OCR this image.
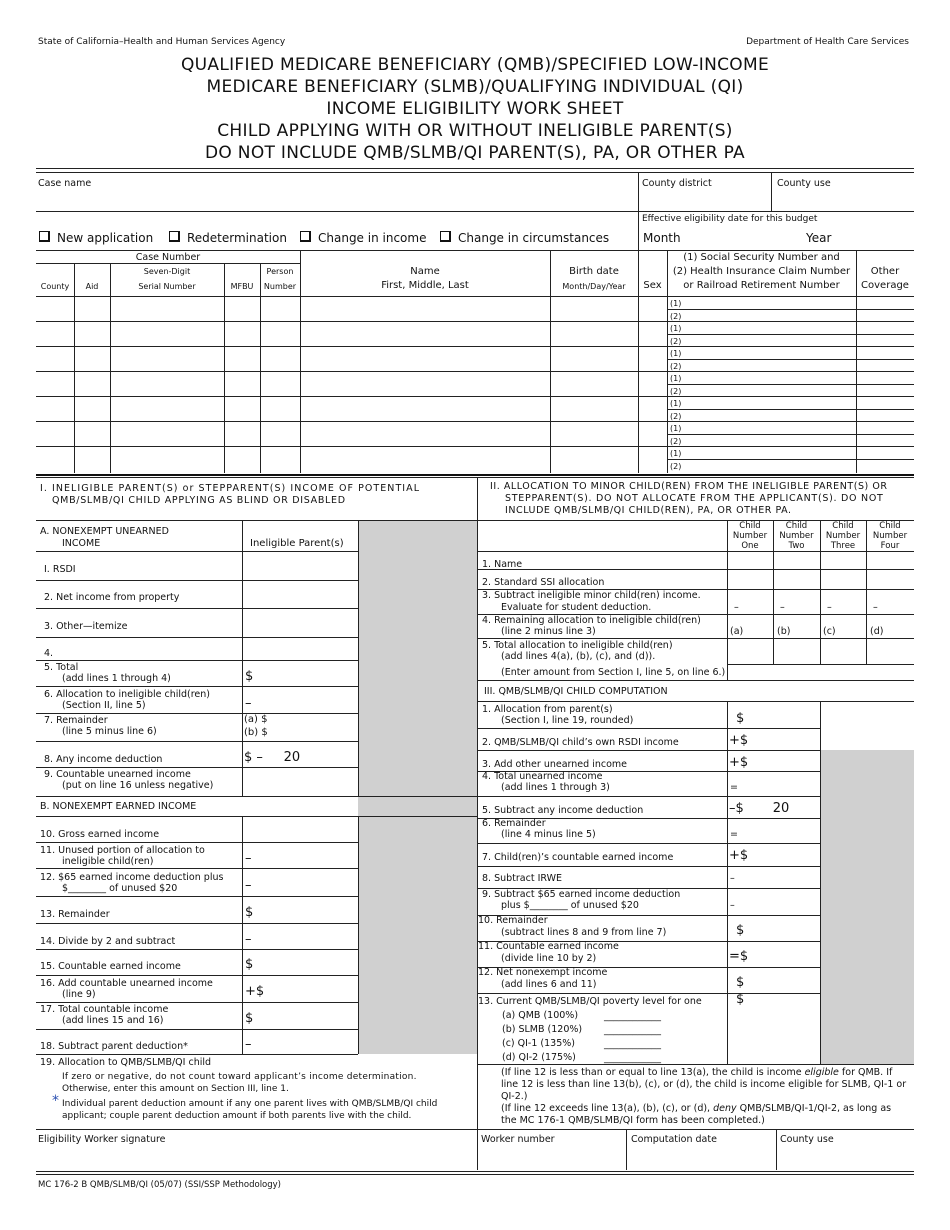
State of California–Health and Human Services Agency	Department of Health Care Services
QUALIFIED MEDICARE BENEFICIARY (QMB)/SPECIFIED LOW-INCOME
MEDICARE BENEFICIARY (SLMB)/QUALIFYING INDIVIDUAL (QI)
INCOME ELIGIBILITY WORK SHEET
CHILD APPLYING WITH OR WITHOUT INELIGIBLE PARENT(S)
DO NOT INCLUDE QMB/SLMB/QI PARENT(S), PA, OR OTHER PA
Case name	County district	County use
Effective eligibility date for this budget
Month	Year
New application	Redetermination	Change in income	Change in circumstances
Case Number
County	Aid
Seven-Digit
Serial Number	MFBU
Person
Number
Name
First, Middle, Last
Birth date
Month/Day/Year	Sex
(1) Social Security Number and
(2) Health Insurance Claim Number
or Railroad Retirement Number
Other
Coverage
(1)
(2)
(1)
(2)
(1)
(2)
(1)
(2)
(1)
(2)
(1)
(2)
(1)
(2)
I. INELIGIBLE PARENT(S) or STEPPARENT(S) INCOME OF POTENTIAL
QMB/SLMB/QI CHILD APPLYING AS BLIND OR DISABLED
A. NONEXEMPT UNEARNED
INCOME	Ineligible Parent(s)
I. RSDI
2. Net income from property
3. Other—itemize
4.
5. Total
(add lines 1 through 4)	$
6. Allocation to ineligible child(ren)
(Section II, line 5)	–
7. Remainder
(line 5 minus line 6)
(a) $
(b) $
8. Any income deduction	$ –     20
9. Countable unearned income
(put on line 16 unless negative)
B. NONEXEMPT EARNED INCOME
10. Gross earned income
11. Unused portion of allocation to
ineligible child(ren)	–
12. $65 earned income deduction plus
$________ of unused $20	–
13. Remainder	$
14. Divide by 2 and subtract	–
15. Countable earned income	$
16. Add countable unearned income
(line 9)	+$
17. Total countable income
(add lines 15 and 16)	$
18. Subtract parent deduction*	–
19. Allocation to QMB/SLMB/QI child
If zero or negative, do not count toward applicant’s income determination.
Otherwise, enter this amount on Section III, line 1.
* Individual parent deduction amount if any one parent lives with QMB/SLMB/QI child
applicant; couple parent deduction amount if both parents live with the child.
II. ALLOCATION TO MINOR CHILD(REN) FROM THE INELIGIBLE PARENT(S) OR
STEPPARENT(S). DO NOT ALLOCATE FROM THE APPLICANT(S). DO NOT
INCLUDE QMB/SLMB/QI CHILD(REN), PA, OR OTHER PA.
Child
Number
One
Child
Number
Two
Child
Number
Three
Child
Number
Four
1. Name
2. Standard SSI allocation
3. Subtract ineligible minor child(ren) income.
Evaluate for student deduction.	–	–	–	–
4. Remaining allocation to ineligible child(ren)
(line 2 minus line 3)	(a)	(b)	(c)	(d)
5. Total allocation to ineligible child(ren)
(add lines 4(a), (b), (c), and (d)).
(Enter amount from Section I, line 5, on line 6.)
III. QMB/SLMB/QI CHILD COMPUTATION
1. Allocation from parent(s)
(Section I, line 19, rounded)	$
2. QMB/SLMB/QI child’s own RSDI income	+$
3. Add other unearned income	+$
4. Total unearned income
(add lines 1 through 3)	=
5. Subtract any income deduction	–$       20
6. Remainder
(line 4 minus line 5)	=
7. Child(ren)’s countable earned income	+$
8. Subtract IRWE	–
9. Subtract $65 earned income deduction
plus $________ of unused $20	–
10. Remainder
(subtract lines 8 and 9 from line 7)	$
11. Countable earned income
(divide line 10 by 2)	=$
12. Net nonexempt income
(add lines 6 and 11)	$
13. Current QMB/SLMB/QI poverty level for one	$
(a) QMB (100%)	____________
(b) SLMB (120%) ____________
(c) QI-1 (135%)	____________
(d) QI-2 (175%)	____________
(If line 12 is less than or equal to line 13(a), the child is income eligible for QMB. If
line 12 is less than line 13(b), (c), or (d), the child is income eligible for SLMB, QI-1 or
QI-2.)
(If line 12 exceeds line 13(a), (b), (c), or (d), deny QMB/SLMB/QI-1/QI-2, as long as
the MC 176-1 QMB/SLMB/QI form has been completed.)
Eligibility Worker signature	Worker number	Computation date	County use
MC 176-2 B QMB/SLMB/QI (05/07) (SSI/SSP Methodology)
